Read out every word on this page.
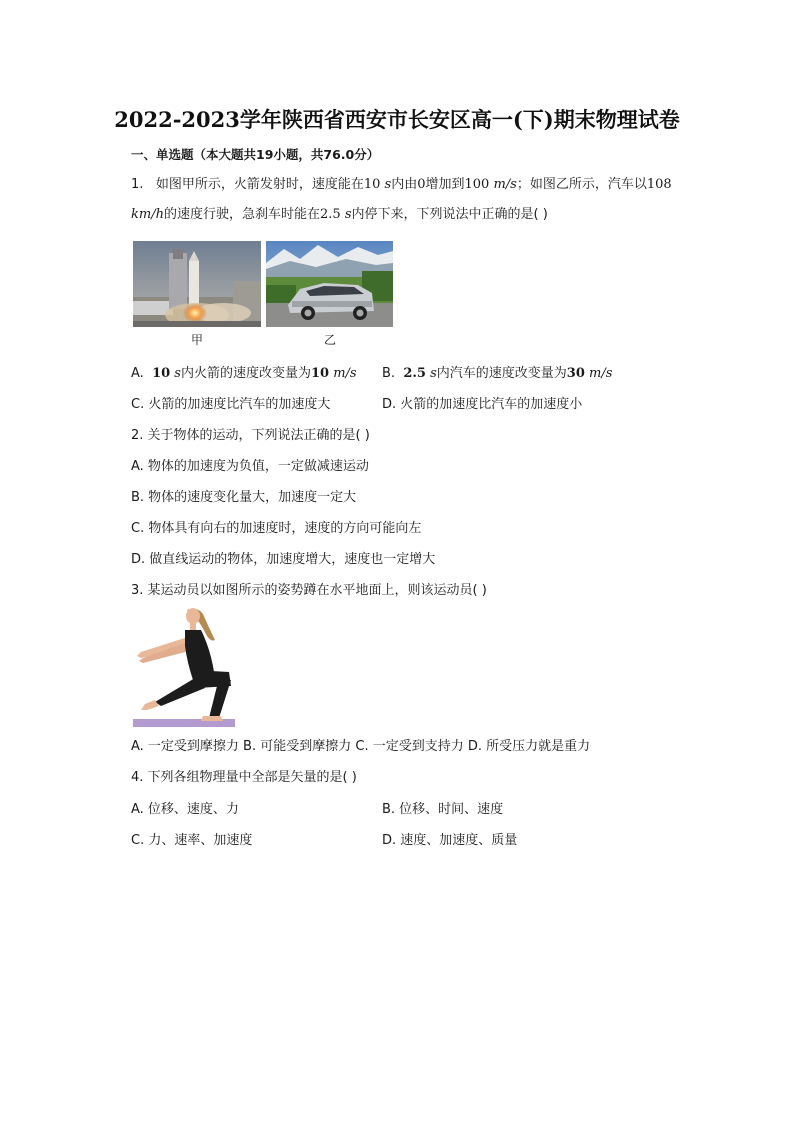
2022-2023学年陕西省西安市长安区高一(下)期末物理试卷
一、单选题（本大题共19小题，共76.0分）
1. 如图甲所示，火箭发射时，速度能在10 s内由0增加到100 m/s；如图乙所示，汽车以108
km/h的速度行驶，急刹车时能在2.5 s内停下来，下列说法中正确的是( )
甲	乙
A. 10 s内火箭的速度改变量为10 m/s B. 2.5 s内汽车的速度改变量为30 m/s
C. 火箭的加速度比汽车的加速度大	D. 火箭的加速度比汽车的加速度小
2. 关于物体的运动，下列说法正确的是( )
A. 物体的加速度为负值，一定做减速运动
B. 物体的速度变化量大，加速度一定大
C. 物体具有向右的加速度时，速度的方向可能向左
D. 做直线运动的物体，加速度增大，速度也一定增大
3. 某运动员以如图所示的姿势蹲在水平地面上，则该运动员( )
A. 一定受到摩擦力 B. 可能受到摩擦力 C. 一定受到支持力 D. 所受压力就是重力
4. 下列各组物理量中全部是矢量的是( )
A. 位移、速度、力	B. 位移、时间、速度
C. 力、速率、加速度	D. 速度、加速度、质量
